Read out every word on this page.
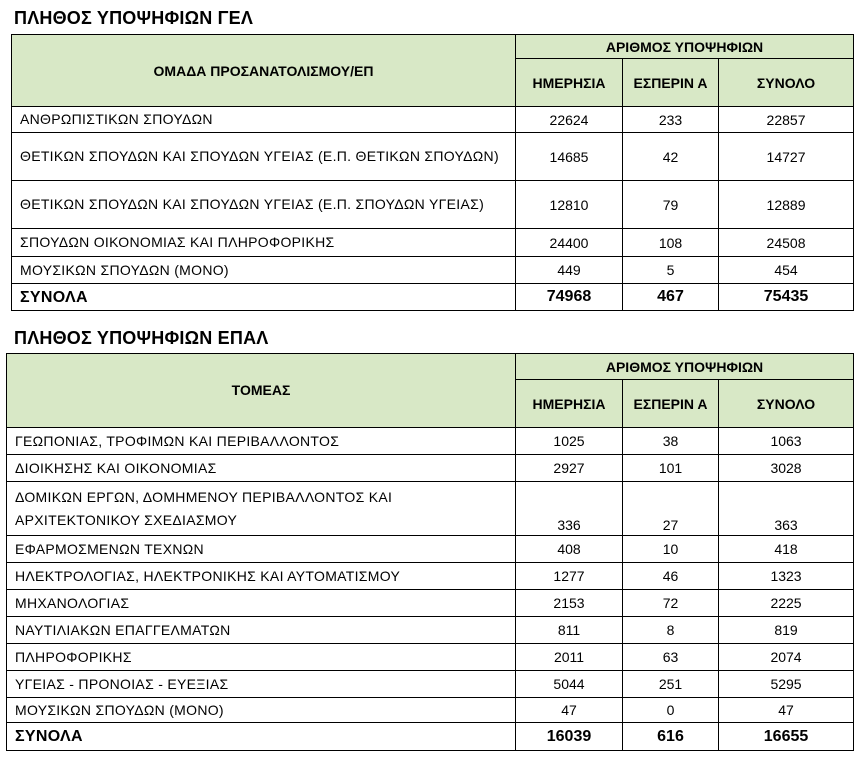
ΠΛΗΘΟΣ ΥΠΟΨΗΦΙΩΝ ΓΕΛ
ΟΜΑΔΑ ΠΡΟΣΑΝΑΤΟΛΙΣΜΟΥ/ΕΠ	ΑΡΙΘΜΟΣ ΥΠΟΨΗΦΙΩΝ		
	ΗΜΕΡΗΣΙΑ	ΕΣΠΕΡΙΝ Α	ΣΥΝΟΛΟ
ΑΝΘΡΩΠΙΣΤΙΚΩΝ ΣΠΟΥΔΩΝ	22624	233	22857
ΘΕΤΙΚΩΝ ΣΠΟΥΔΩΝ ΚΑΙ ΣΠΟΥΔΩΝ ΥΓΕΙΑΣ (Ε.Π. ΘΕΤΙΚΩΝ ΣΠΟΥΔΩΝ)	14685	42	14727
ΘΕΤΙΚΩΝ ΣΠΟΥΔΩΝ ΚΑΙ ΣΠΟΥΔΩΝ ΥΓΕΙΑΣ (Ε.Π. ΣΠΟΥΔΩΝ ΥΓΕΙΑΣ)	12810	79	12889
ΣΠΟΥΔΩΝ ΟΙΚΟΝΟΜΙΑΣ ΚΑΙ ΠΛΗΡΟΦΟΡΙΚΗΣ	24400	108	24508
ΜΟΥΣΙΚΩΝ ΣΠΟΥΔΩΝ (ΜΟΝΟ)	449	5	454
ΣΥΝΟΛΑ	74968	467	75435
ΠΛΗΘΟΣ ΥΠΟΨΗΦΙΩΝ ΕΠΑΛ
ΤΟΜΕΑΣ	ΑΡΙΘΜΟΣ ΥΠΟΨΗΦΙΩΝ		
	ΗΜΕΡΗΣΙΑ	ΕΣΠΕΡΙΝ Α	ΣΥΝΟΛΟ
ΓΕΩΠΟΝΙΑΣ, ΤΡΟΦΙΜΩΝ ΚΑΙ ΠΕΡΙΒΑΛΛΟΝΤΟΣ	1025	38	1063
ΔΙΟΙΚΗΣΗΣ ΚΑΙ ΟΙΚΟΝΟΜΙΑΣ	2927	101	3028
ΔΟΜΙΚΩΝ ΕΡΓΩΝ, ΔΟΜΗΜΕΝΟΥ ΠΕΡΙΒΑΛΛΟΝΤΟΣ ΚΑΙ ΑΡΧΙΤΕΚΤΟΝΙΚΟΥ ΣΧΕΔΙΑΣΜΟΥ	336	27	363
ΕΦΑΡΜΟΣΜΕΝΩΝ ΤΕΧΝΩΝ	408	10	418
ΗΛΕΚΤΡΟΛΟΓΙΑΣ, ΗΛΕΚΤΡΟΝΙΚΗΣ ΚΑΙ ΑΥΤΟΜΑΤΙΣΜΟΥ	1277	46	1323
ΜΗΧΑΝΟΛΟΓΙΑΣ	2153	72	2225
ΝΑΥΤΙΛΙΑΚΩΝ ΕΠΑΓΓΕΛΜΑΤΩΝ	811	8	819
ΠΛΗΡΟΦΟΡΙΚΗΣ	2011	63	2074
ΥΓΕΙΑΣ - ΠΡΟΝΟΙΑΣ - ΕΥΕΞΙΑΣ	5044	251	5295
ΜΟΥΣΙΚΩΝ ΣΠΟΥΔΩΝ (ΜΟΝΟ)	47	0	47
ΣΥΝΟΛΑ	16039	616	16655
